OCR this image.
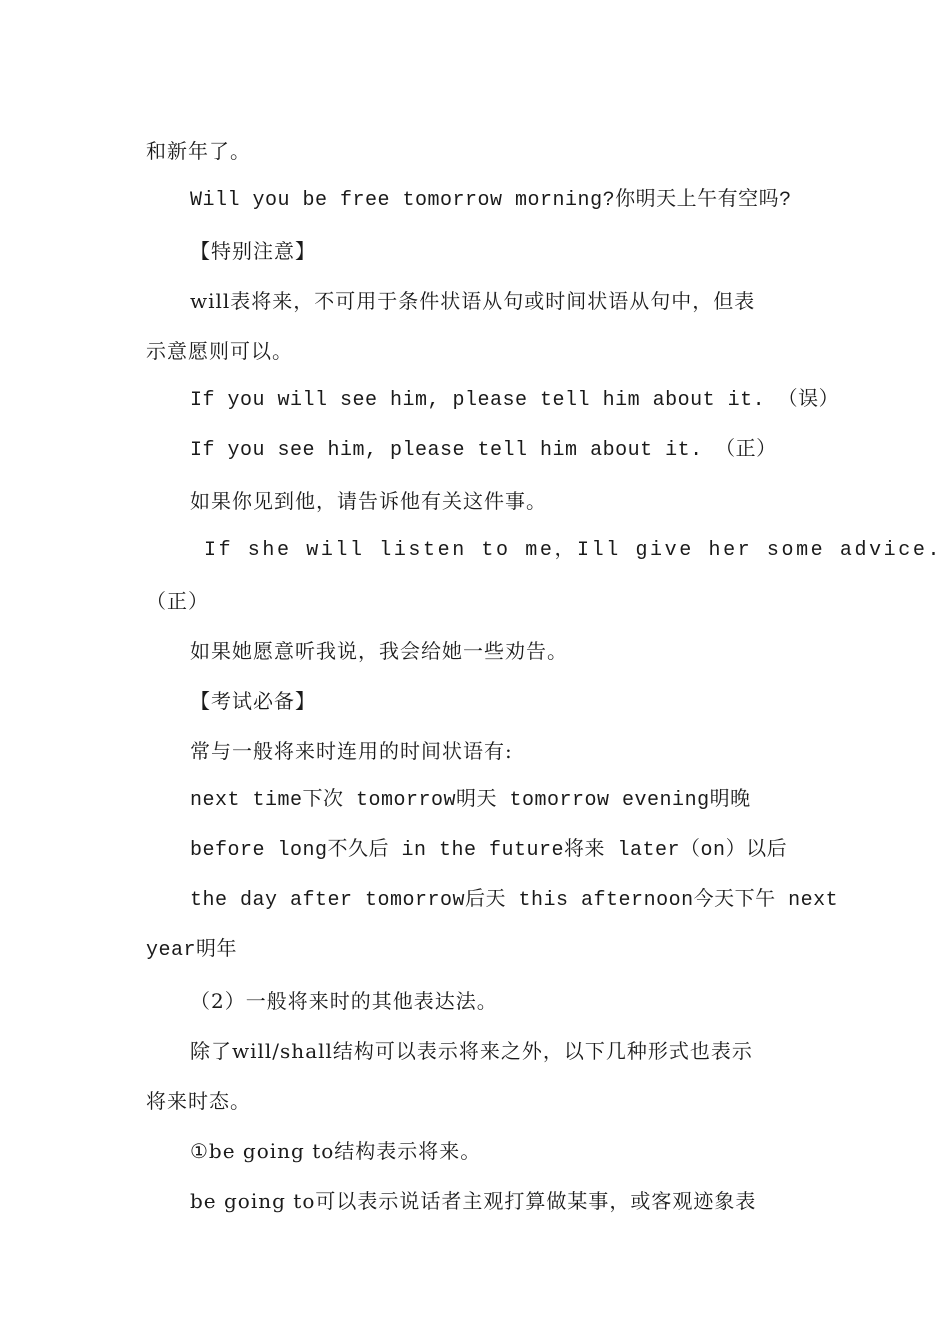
和新年了。
Will you be free tomorrow morning?你明天上午有空吗?
【特别注意】
will表将来，不可用于条件状语从句或时间状语从句中，但表
示意愿则可以。
If you will see him, please tell him about it. （误）
If you see him, please tell him about it. （正）
如果你见到他，请告诉他有关这件事。
If she will listen to me，Ill give her some advice.
（正）
如果她愿意听我说，我会给她一些劝告。
【考试必备】
常与一般将来时连用的时间状语有:
next time下次 tomorrow明天 tomorrow evening明晚
before long不久后 in the future将来 later（on）以后
the day after tomorrow后天 this afternoon今天下午 next
year明年
（2）一般将来时的其他表达法。
除了will/shall结构可以表示将来之外，以下几种形式也表示
将来时态。
①be going to结构表示将来。
be going to可以表示说话者主观打算做某事，或客观迹象表
